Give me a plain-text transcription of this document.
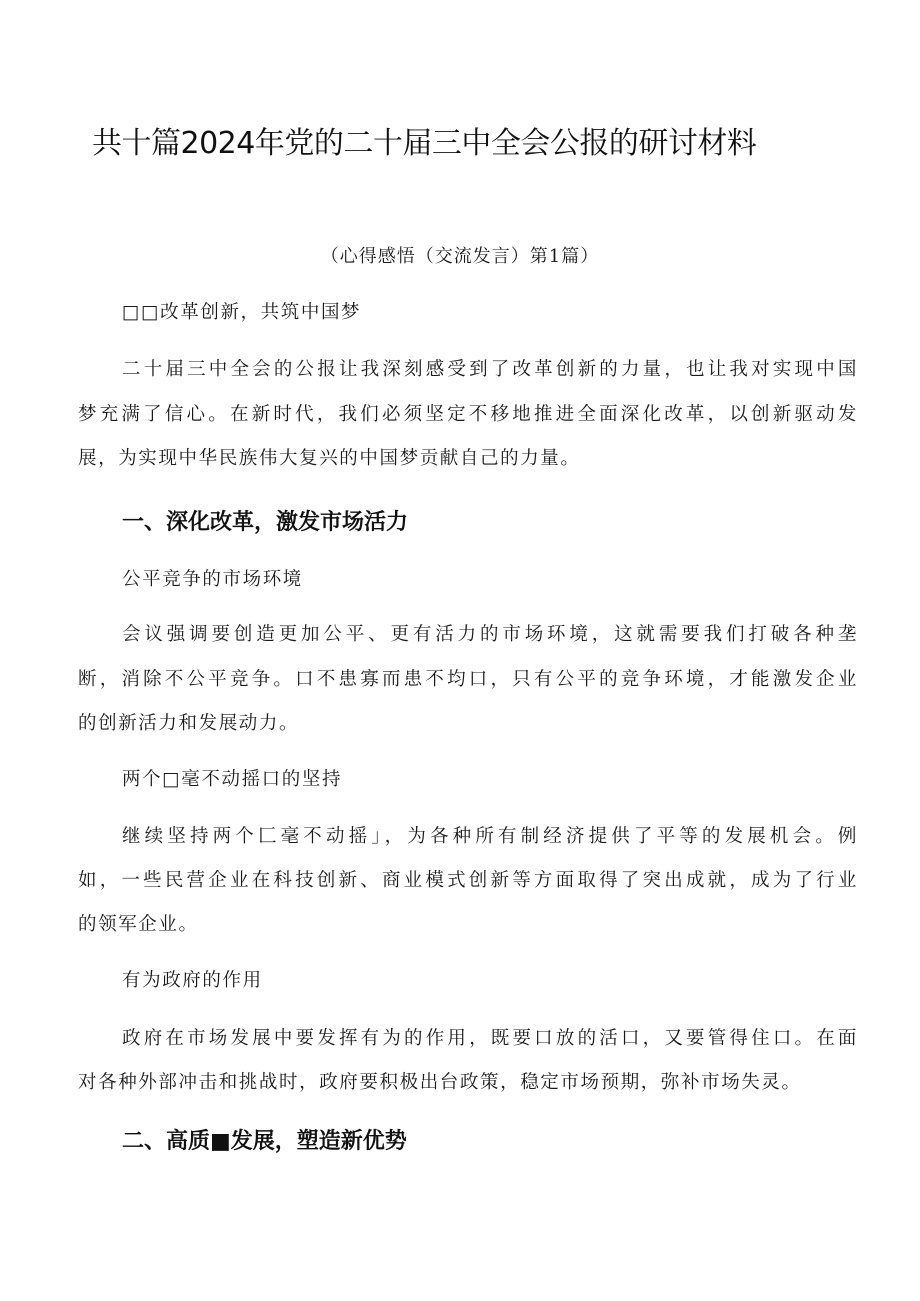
共十篇2024年党的二十届三中全会公报的研讨材料

（心得感悟（交流发言）第1篇）

□□改革创新，共筑中国梦

二十届三中全会的公报让我深刻感受到了改革创新的力量，也让我对实现中国

梦充满了信心。在新时代，我们必须坚定不移地推进全面深化改革，以创新驱动发

展，为实现中华民族伟大复兴的中国梦贡献自己的力量。

一、深化改革，激发市场活力

公平竞争的市场环境

会议强调要创造更加公平、更有活力的市场环境，这就需要我们打破各种垄

断，消除不公平竞争。口不患寡而患不均口，只有公平的竞争环境，才能激发企业

的创新活力和发展动力。

两个□毫不动摇口的坚持

继续坚持两个匚毫不动摇」，为各种所有制经济提供了平等的发展机会。例

如，一些民营企业在科技创新、商业模式创新等方面取得了突出成就，成为了行业

的领军企业。

有为政府的作用

政府在市场发展中要发挥有为的作用，既要口放的活口，又要管得住口。在面

对各种外部冲击和挑战时，政府要积极出台政策，稳定市场预期，弥补市场失灵。

二、高质■发展，塑造新优势
